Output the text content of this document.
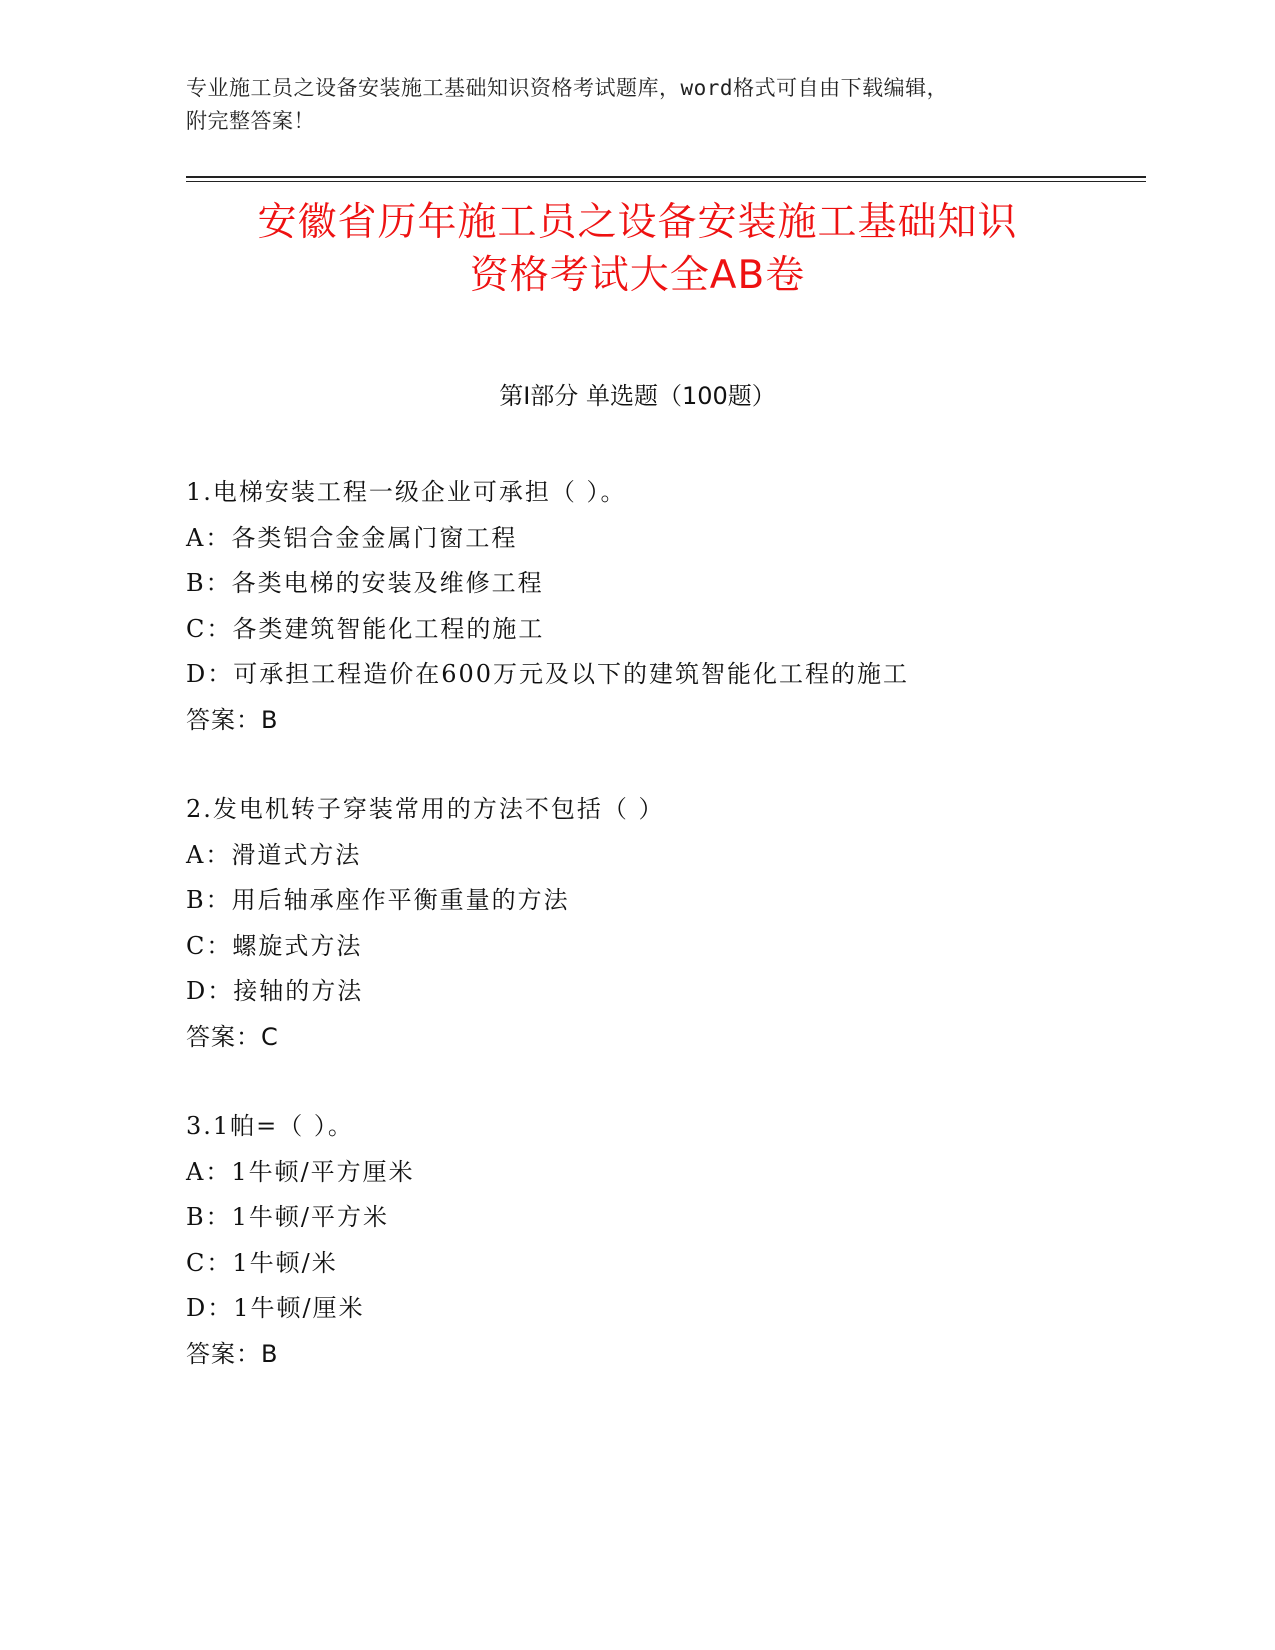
专业施工员之设备安装施工基础知识资格考试题库，word格式可自由下载编辑，
附完整答案！
安徽省历年施工员之设备安装施工基础知识
资格考试大全AB卷
第I部分 单选题（100题）
1.电梯安装工程一级企业可承担（ ）。
A：各类铝合金金属门窗工程
B：各类电梯的安装及维修工程
C：各类建筑智能化工程的施工
D：可承担工程造价在600万元及以下的建筑智能化工程的施工
答案：B
2.发电机转子穿装常用的方法不包括（ ）
A：滑道式方法
B：用后轴承座作平衡重量的方法
C：螺旋式方法
D：接轴的方法
答案：C
3.1帕=（ ）。
A：1牛顿/平方厘米
B：1牛顿/平方米
C：1牛顿/米
D：1牛顿/厘米
答案：B
